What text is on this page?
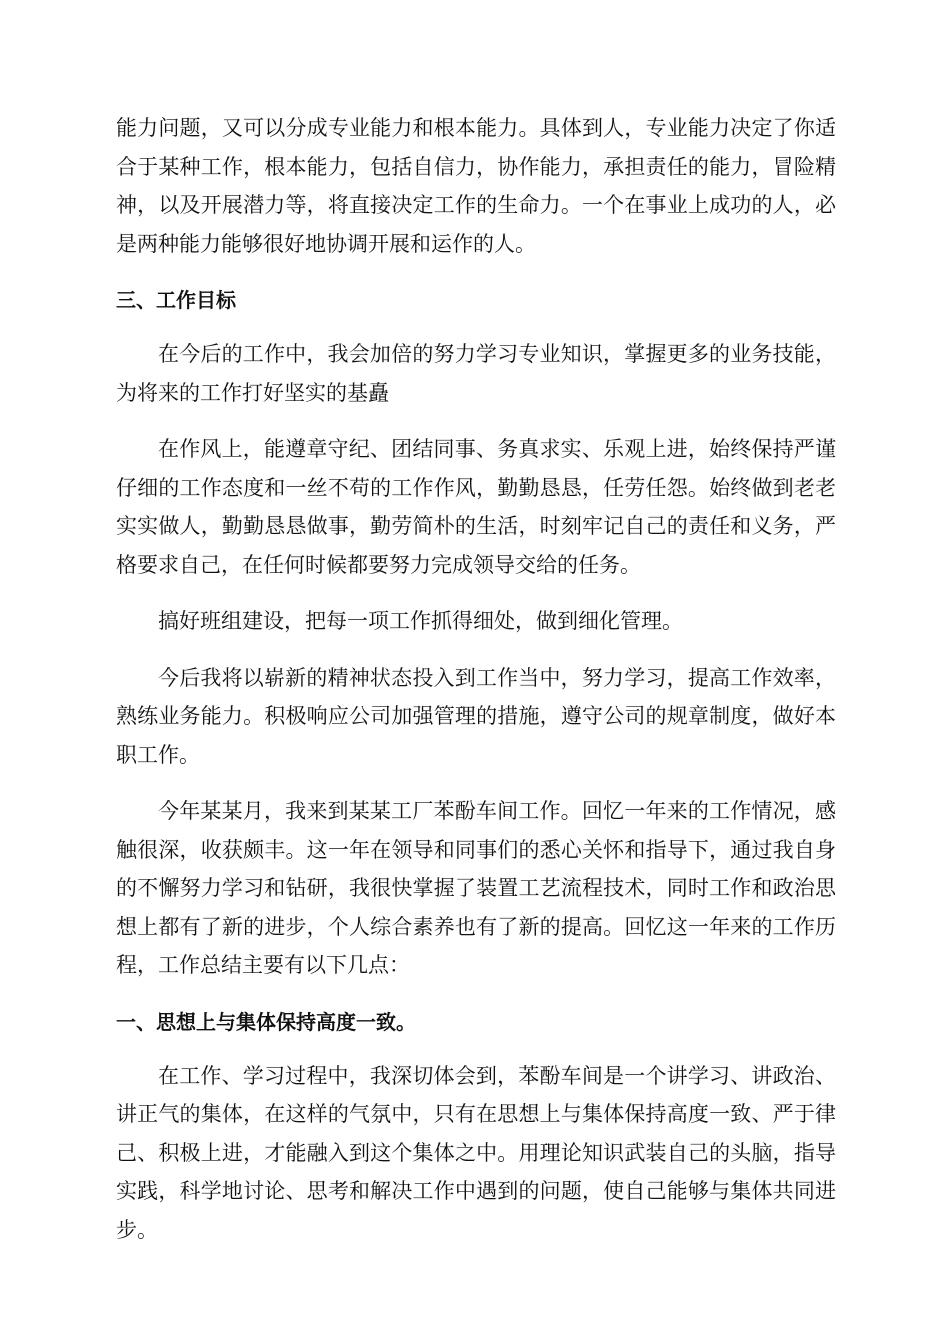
能力问题，又可以分成专业能力和根本能力。具体到人，专业能力决定了你适合于某种工作，根本能力，包括自信力，协作能力，承担责任的能力，冒险精神，以及开展潜力等，将直接决定工作的生命力。一个在事业上成功的人，必是两种能力能够很好地协调开展和运作的人。

三、工作目标

在今后的工作中，我会加倍的努力学习专业知识，掌握更多的业务技能，为将来的工作打好坚实的基矗

在作风上，能遵章守纪、团结同事、务真求实、乐观上进，始终保持严谨仔细的工作态度和一丝不苟的工作作风，勤勤恳恳，任劳任怨。始终做到老老实实做人，勤勤恳恳做事，勤劳简朴的生活，时刻牢记自己的责任和义务，严格要求自己，在任何时候都要努力完成领导交给的任务。

搞好班组建设，把每一项工作抓得细处，做到细化管理。

今后我将以崭新的精神状态投入到工作当中，努力学习，提高工作效率，熟练业务能力。积极响应公司加强管理的措施，遵守公司的规章制度，做好本职工作。

今年某某月，我来到某某工厂苯酚车间工作。回忆一年来的工作情况，感触很深，收获颇丰。这一年在领导和同事们的悉心关怀和指导下，通过我自身的不懈努力学习和钻研，我很快掌握了装置工艺流程技术，同时工作和政治思想上都有了新的进步，个人综合素养也有了新的提高。回忆这一年来的工作历程，工作总结主要有以下几点：

一、思想上与集体保持高度一致。

在工作、学习过程中，我深切体会到，苯酚车间是一个讲学习、讲政治、讲正气的集体，在这样的气氛中，只有在思想上与集体保持高度一致、严于律己、积极上进，才能融入到这个集体之中。用理论知识武装自己的头脑，指导实践，科学地讨论、思考和解决工作中遇到的问题，使自己能够与集体共同进步。
